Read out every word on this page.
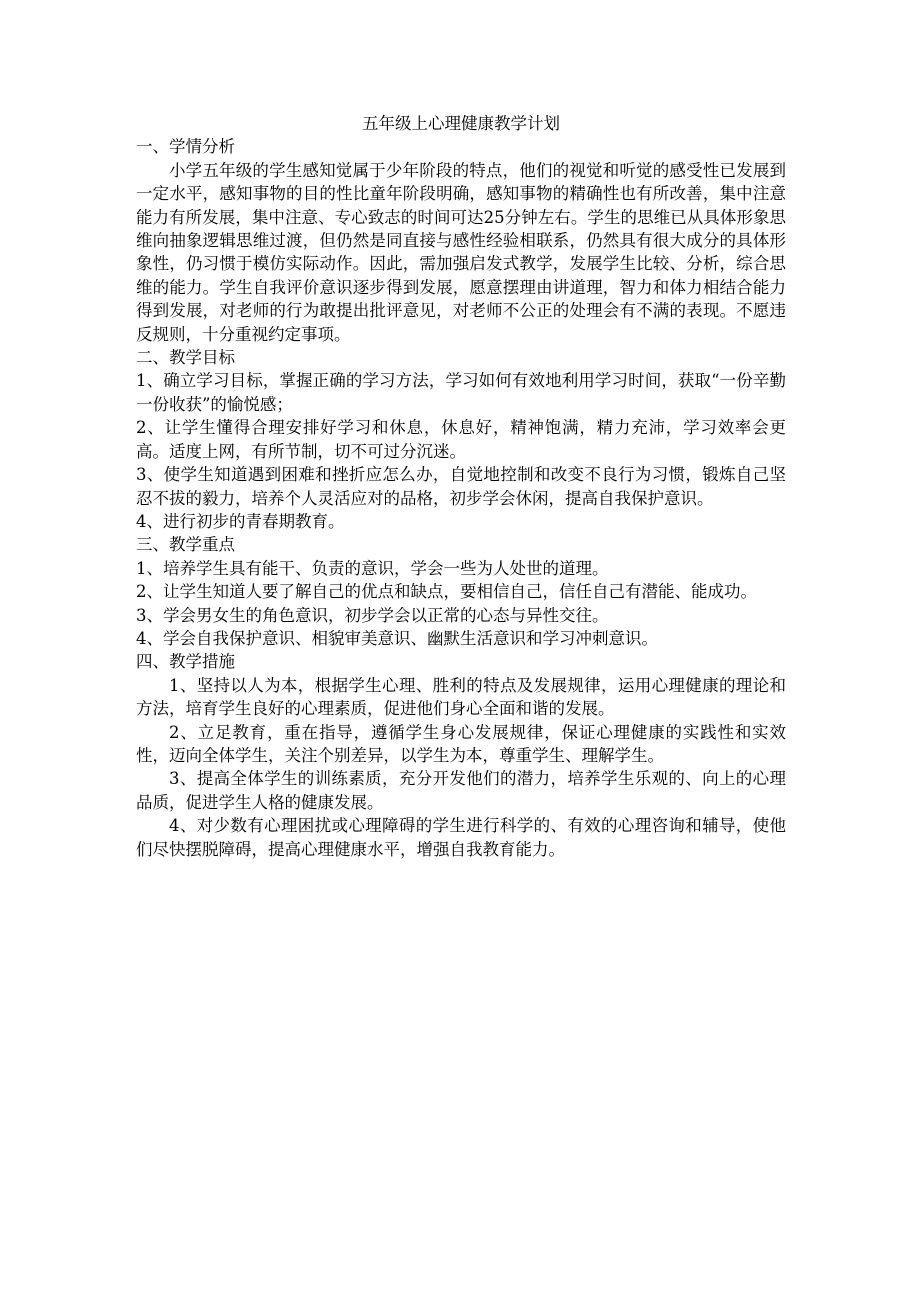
五年级上心理健康教学计划

一、学情分析

小学五年级的学生感知觉属于少年阶段的特点，他们的视觉和听觉的感受性已发展到一定水平，感知事物的目的性比童年阶段明确，感知事物的精确性也有所改善，集中注意能力有所发展，集中注意、专心致志的时间可达25分钟左右。学生的思维已从具体形象思维向抽象逻辑思维过渡，但仍然是同直接与感性经验相联系，仍然具有很大成分的具体形象性，仍习惯于模仿实际动作。因此，需加强启发式教学，发展学生比较、分析，综合思维的能力。学生自我评价意识逐步得到发展，愿意摆理由讲道理，智力和体力相结合能力得到发展，对老师的行为敢提出批评意见，对老师不公正的处理会有不满的表现。不愿违反规则，十分重视约定事项。

二、教学目标

1、确立学习目标，掌握正确的学习方法，学习如何有效地利用学习时间，获取“一份辛勤一份收获”的愉悦感；

2、让学生懂得合理安排好学习和休息，休息好，精神饱满，精力充沛，学习效率会更高。适度上网，有所节制，切不可过分沉迷。

3、使学生知道遇到困难和挫折应怎么办，自觉地控制和改变不良行为习惯，锻炼自己坚忍不拔的毅力，培养个人灵活应对的品格，初步学会休闲，提高自我保护意识。

4、进行初步的青春期教育。

三、教学重点

1、培养学生具有能干、负责的意识，学会一些为人处世的道理。

2、让学生知道人要了解自己的优点和缺点，要相信自己，信任自己有潜能、能成功。

3、学会男女生的角色意识，初步学会以正常的心态与异性交往。

4、学会自我保护意识、相貌审美意识、幽默生活意识和学习冲刺意识。

四、教学措施

1、坚持以人为本，根据学生心理、胜利的特点及发展规律，运用心理健康的理论和方法，培育学生良好的心理素质，促进他们身心全面和谐的发展。

2、立足教育，重在指导，遵循学生身心发展规律，保证心理健康的实践性和实效性，迈向全体学生，关注个别差异，以学生为本，尊重学生、理解学生。

3、提高全体学生的训练素质，充分开发他们的潜力，培养学生乐观的、向上的心理品质，促进学生人格的健康发展。

4、对少数有心理困扰或心理障碍的学生进行科学的、有效的心理咨询和辅导，使他们尽快摆脱障碍，提高心理健康水平，增强自我教育能力。
